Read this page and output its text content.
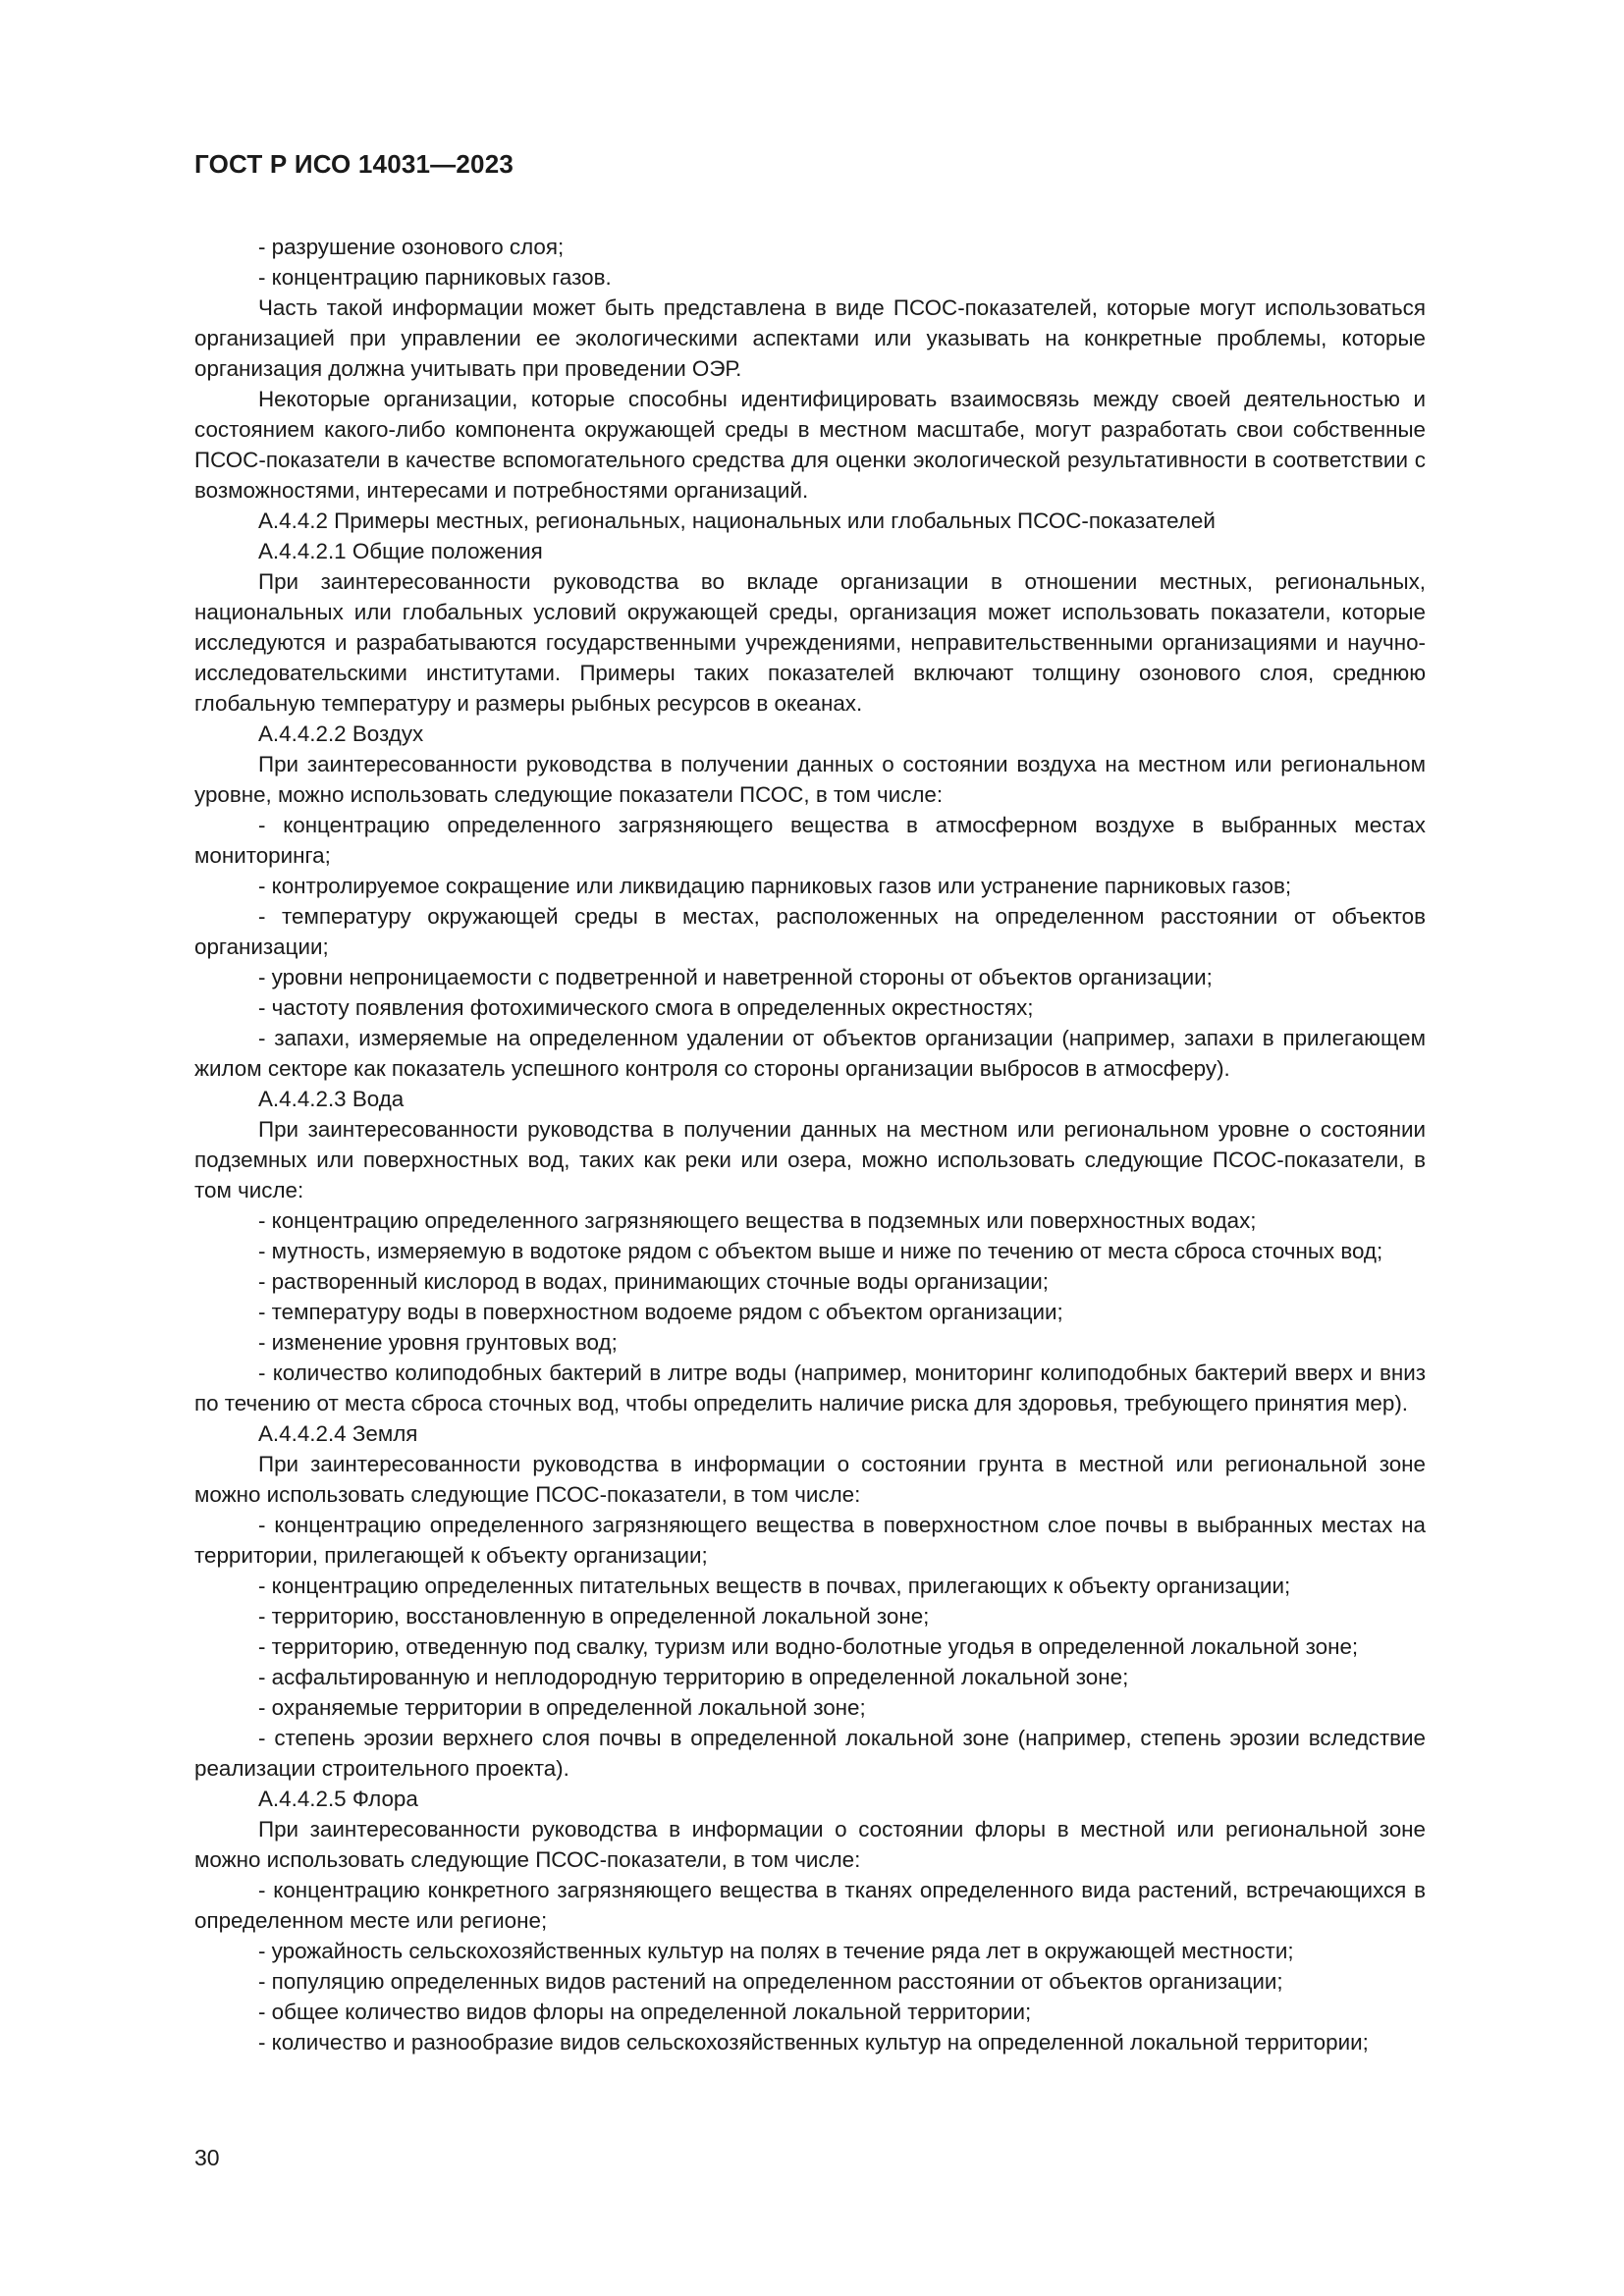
ГОСТ Р ИСО 14031—2023

- разрушение озонового слоя;

- концентрацию парниковых газов.

Часть такой информации может быть представлена в виде ПСОС-показателей, которые могут использоваться организацией при управлении ее экологическими аспектами или указывать на конкретные проблемы, которые организация должна учитывать при проведении ОЭР.

Некоторые организации, которые способны идентифицировать взаимосвязь между своей деятельностью и состоянием какого-либо компонента окружающей среды в местном масштабе, могут разработать свои собственные ПСОС-показатели в качестве вспомогательного средства для оценки экологической результативности в соответствии с возможностями, интересами и потребностями организаций.

А.4.4.2 Примеры местных, региональных, национальных или глобальных ПСОС-показателей

А.4.4.2.1 Общие положения

При заинтересованности руководства во вкладе организации в отношении местных, региональных, национальных или глобальных условий окружающей среды, организация может использовать показатели, которые исследуются и разрабатываются государственными учреждениями, неправительственными организациями и научно-исследовательскими институтами. Примеры таких показателей включают толщину озонового слоя, среднюю глобальную температуру и размеры рыбных ресурсов в океанах.

А.4.4.2.2 Воздух

При заинтересованности руководства в получении данных о состоянии воздуха на местном или региональном уровне, можно использовать следующие показатели ПСОС, в том числе:

- концентрацию определенного загрязняющего вещества в атмосферном воздухе в выбранных местах мониторинга;

- контролируемое сокращение или ликвидацию парниковых газов или устранение парниковых газов;

- температуру окружающей среды в местах, расположенных на определенном расстоянии от объектов организации;

- уровни непроницаемости с подветренной и наветренной стороны от объектов организации;

- частоту появления фотохимического смога в определенных окрестностях;

- запахи, измеряемые на определенном удалении от объектов организации (например, запахи в прилегающем жилом секторе как показатель успешного контроля со стороны организации выбросов в атмосферу).

А.4.4.2.3 Вода

При заинтересованности руководства в получении данных на местном или региональном уровне о состоянии подземных или поверхностных вод, таких как реки или озера, можно использовать следующие ПСОС-показатели, в том числе:

- концентрацию определенного загрязняющего вещества в подземных или поверхностных водах;

- мутность, измеряемую в водотоке рядом с объектом выше и ниже по течению от места сброса сточных вод;

- растворенный кислород в водах, принимающих сточные воды организации;

- температуру воды в поверхностном водоеме рядом с объектом организации;

- изменение уровня грунтовых вод;

- количество колиподобных бактерий в литре воды (например, мониторинг колиподобных бактерий вверх и вниз по течению от места сброса сточных вод, чтобы определить наличие риска для здоровья, требующего принятия мер).

А.4.4.2.4 Земля

При заинтересованности руководства в информации о состоянии грунта в местной или региональной зоне можно использовать следующие ПСОС-показатели, в том числе:

- концентрацию определенного загрязняющего вещества в поверхностном слое почвы в выбранных местах на территории, прилегающей к объекту организации;

- концентрацию определенных питательных веществ в почвах, прилегающих к объекту организации;

- территорию, восстановленную в определенной локальной зоне;

- территорию, отведенную под свалку, туризм или водно-болотные угодья в определенной локальной зоне;

- асфальтированную и неплодородную территорию в определенной локальной зоне;

- охраняемые территории в определенной локальной зоне;

- степень эрозии верхнего слоя почвы в определенной локальной зоне (например, степень эрозии вследствие реализации строительного проекта).

А.4.4.2.5 Флора

При заинтересованности руководства в информации о состоянии флоры в местной или региональной зоне можно использовать следующие ПСОС-показатели, в том числе:

- концентрацию конкретного загрязняющего вещества в тканях определенного вида растений, встречающихся в определенном месте или регионе;

- урожайность сельскохозяйственных культур на полях в течение ряда лет в окружающей местности;

- популяцию определенных видов растений на определенном расстоянии от объектов организации;

- общее количество видов флоры на определенной локальной территории;

- количество и разнообразие видов сельскохозяйственных культур на определенной локальной территории;

30
